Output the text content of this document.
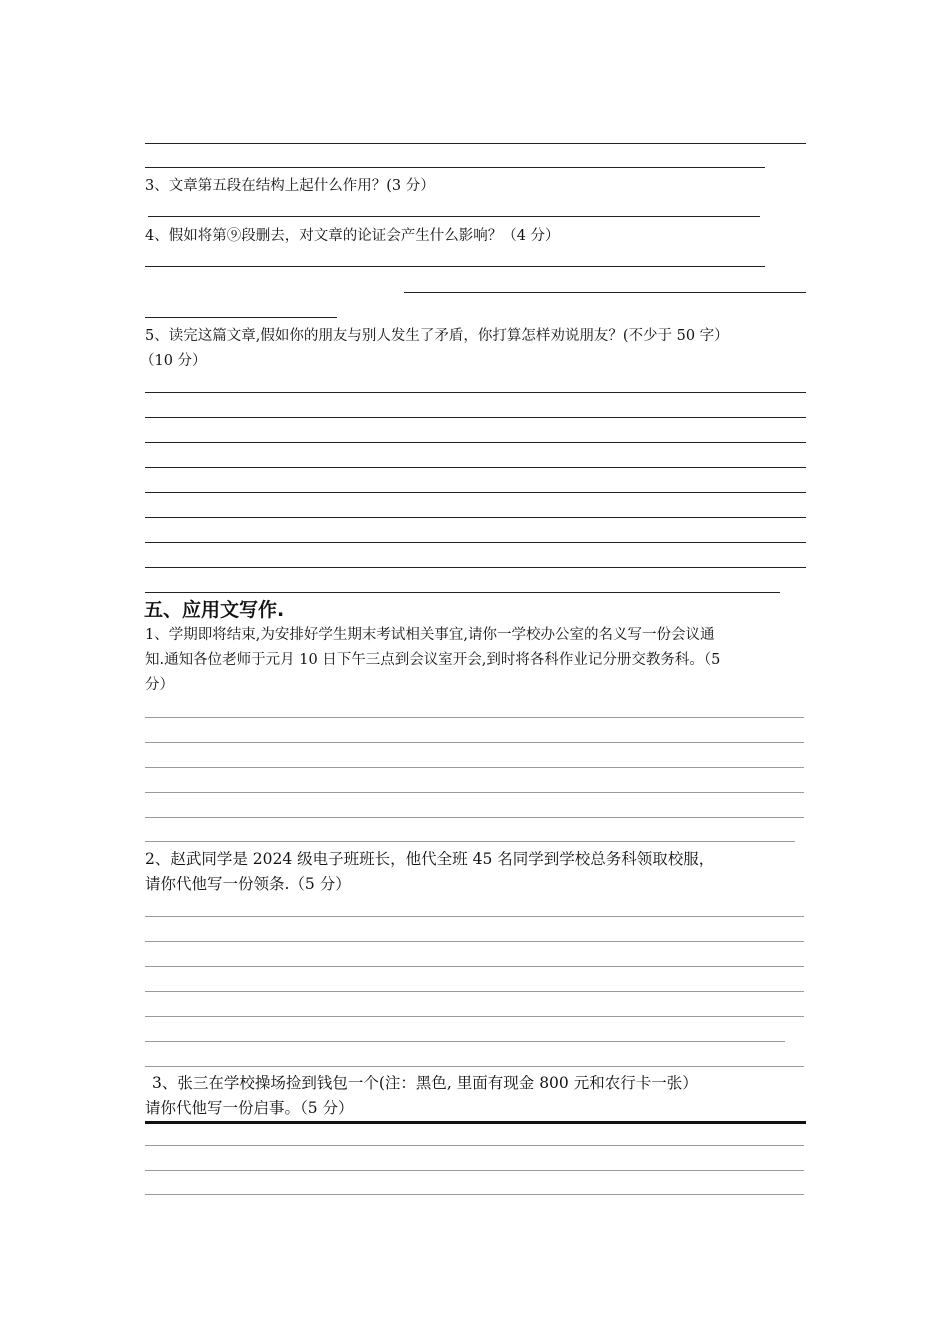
3、文章第五段在结构上起什么作用？(3 分）
4、假如将第⑨段删去，对文章的论证会产生什么影响？（4 分）
5、读完这篇文章,假如你的朋友与别人发生了矛盾，你打算怎样劝说朋友？(不少于 50 字）
（10 分）
五、应用文写作.
1、学期即将结束,为安排好学生期末考试相关事宜,请你一学校办公室的名义写一份会议通
知.通知各位老师于元月 10 日下午三点到会议室开会,到时将各科作业记分册交教务科。（5
分）
2、赵武同学是 2024 级电子班班长，他代全班 45 名同学到学校总务科领取校服，
请你代他写一份领条.（5 分）
3、张三在学校操场捡到钱包一个(注：黑色, 里面有现金 800 元和农行卡一张）
请你代他写一份启事。（5 分）
